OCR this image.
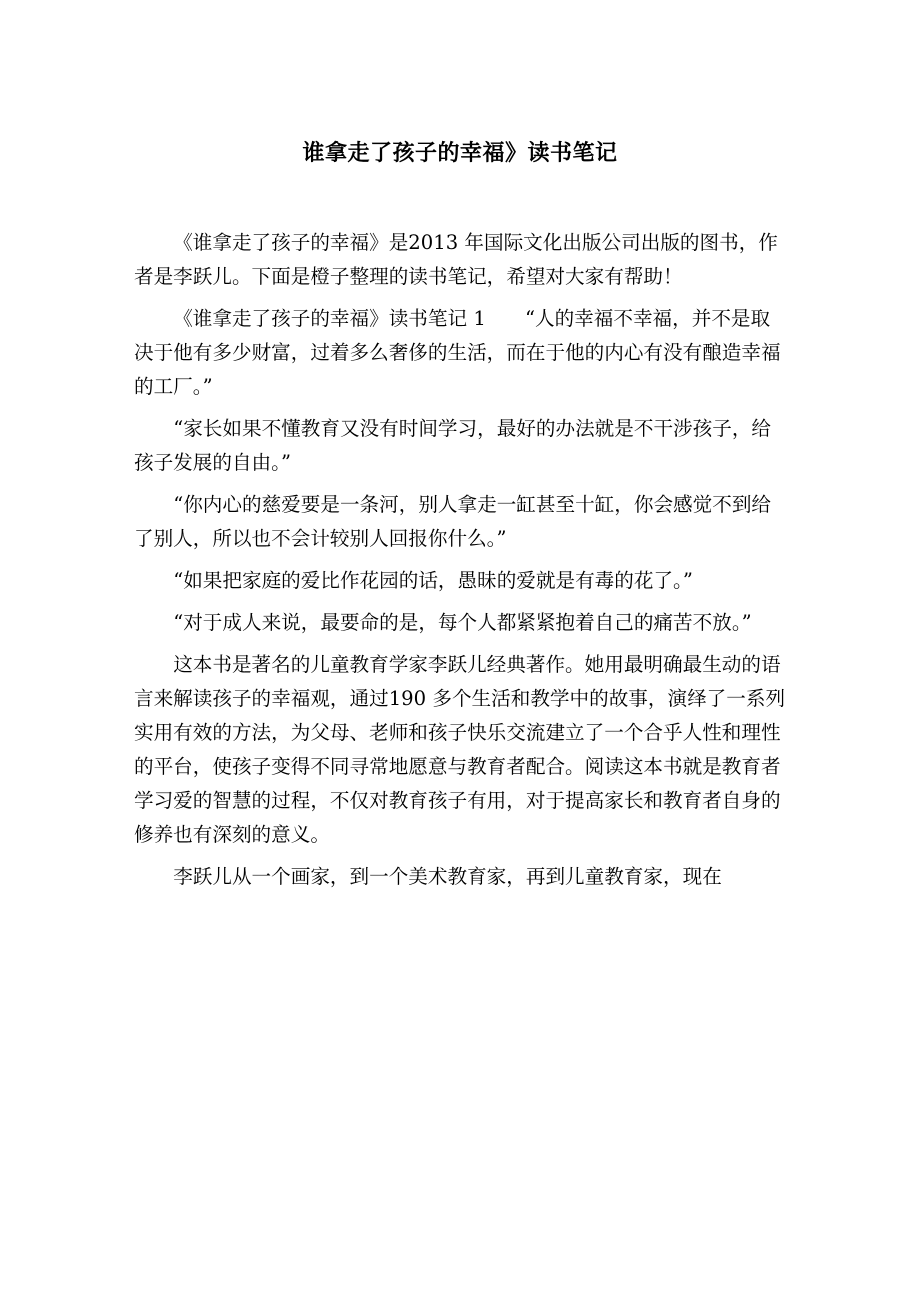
谁拿走了孩子的幸福》读书笔记

《谁拿走了孩子的幸福》是2013 年国际文化出版公司出版的图书，作者是李跃儿。下面是橙子整理的读书笔记，希望对大家有帮助！

《谁拿走了孩子的幸福》读书笔记 1　　“人的幸福不幸福，并不是取决于他有多少财富，过着多么奢侈的生活，而在于他的内心有没有酿造幸福的工厂。”

“家长如果不懂教育又没有时间学习，最好的办法就是不干涉孩子，给孩子发展的自由。”

“你内心的慈爱要是一条河，别人拿走一缸甚至十缸，你会感觉不到给了别人，所以也不会计较别人回报你什么。”

“如果把家庭的爱比作花园的话，愚昧的爱就是有毒的花了。”

“对于成人来说，最要命的是，每个人都紧紧抱着自己的痛苦不放。”

这本书是著名的儿童教育学家李跃儿经典著作。她用最明确最生动的语言来解读孩子的幸福观，通过190 多个生活和教学中的故事，演绎了一系列实用有效的方法，为父母、老师和孩子快乐交流建立了一个合乎人性和理性的平台，使孩子变得不同寻常地愿意与教育者配合。阅读这本书就是教育者学习爱的智慧的过程，不仅对教育孩子有用，对于提高家长和教育者自身的修养也有深刻的意义。

李跃儿从一个画家，到一个美术教育家，再到儿童教育家，现在
